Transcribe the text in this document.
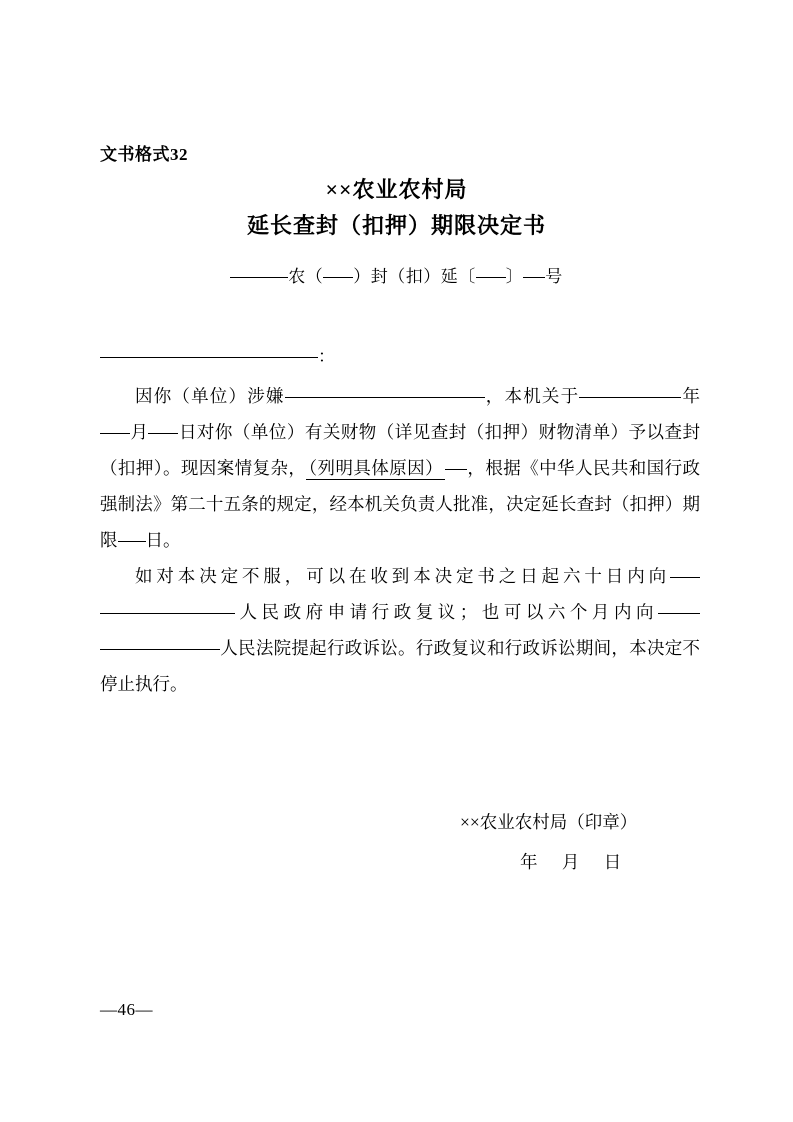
文书格式32
××农业农村局
延长查封（扣押）期限决定书
农（ ）封（扣）延〔 〕 号
：

因你（单位）涉嫌	，本机关于	年月 日对你（单位）有关财物（详见查封（扣押）财物清单）予以查封（扣押）。现因案情复杂， （列明具体原因） ，根据《中华人民共和国行政强制法》第二十五条的规定，经本机关负责人批准，决定延长查封（扣押）期限 日。

如对本决定不服，可以在收到本决定书之日起六十日内向人民政府申请行政复议；也可以六个月内向人民法院提起行政诉讼。行政复议和行政诉讼期间，本决定不停止执行。

××农业农村局（印章）
年 月 日
—46—
